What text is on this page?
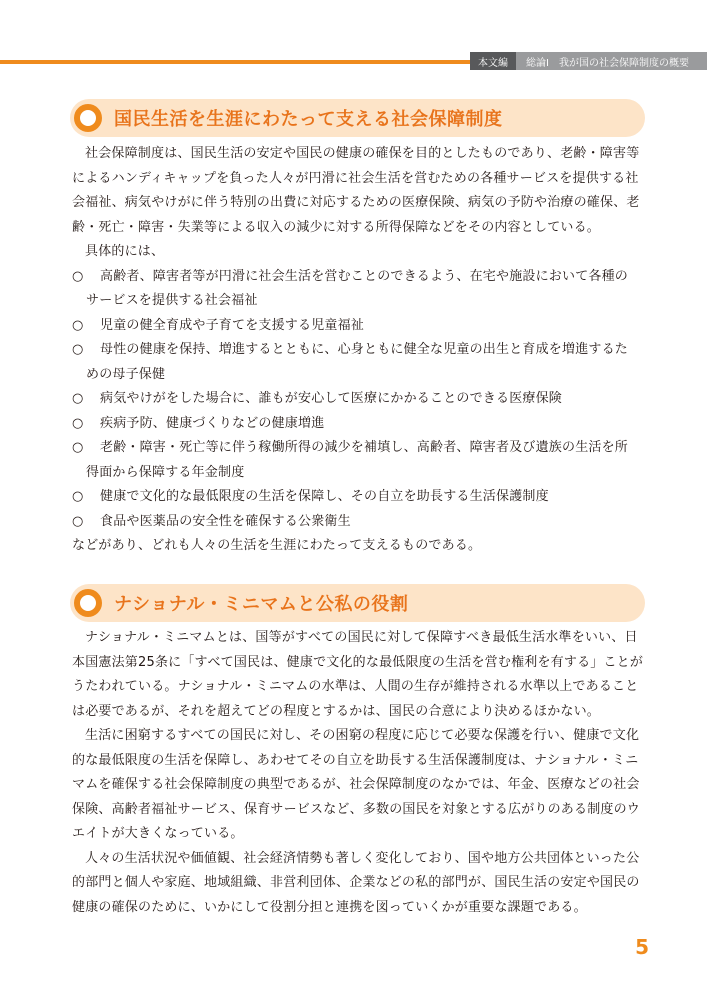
本文編	総論Ⅰ　我が国の社会保障制度の概要
国民生活を生涯にわたって支える社会保障制度

社会保障制度は、国民生活の安定や国民の健康の確保を目的としたものであり、老齢・障害等によるハンディキャップを負った人々が円滑に社会生活を営むための各種サービスを提供する社会福祉、病気やけがに伴う特別の出費に対応するための医療保険、病気の予防や治療の確保、老齢・死亡・障害・失業等による収入の減少に対する所得保障などをその内容としている。

具体的には、

○	高齢者、障害者等が円滑に社会生活を営むことのできるよう、在宅や施設において各種の
サービスを提供する社会福祉
○	児童の健全育成や子育てを支援する児童福祉
○	母性の健康を保持、増進するとともに、心身ともに健全な児童の出生と育成を増進するた
めの母子保健
○	病気やけがをした場合に、誰もが安心して医療にかかることのできる医療保険
○	疾病予防、健康づくりなどの健康増進
○	老齢・障害・死亡等に伴う稼働所得の減少を補填し、高齢者、障害者及び遺族の生活を所
得面から保障する年金制度
○	健康で文化的な最低限度の生活を保障し、その自立を助長する生活保護制度
○	食品や医薬品の安全性を確保する公衆衛生

などがあり、どれも人々の生活を生涯にわたって支えるものである。

ナショナル・ミニマムと公私の役割

ナショナル・ミニマムとは、国等がすべての国民に対して保障すべき最低生活水準をいい、日本国憲法第25条に「すべて国民は、健康で文化的な最低限度の生活を営む権利を有する」ことがうたわれている。ナショナル・ミニマムの水準は、人間の生存が維持される水準以上であることは必要であるが、それを超えてどの程度とするかは、国民の合意により決めるほかない。

生活に困窮するすべての国民に対し、その困窮の程度に応じて必要な保護を行い、健康で文化的な最低限度の生活を保障し、あわせてその自立を助長する生活保護制度は、ナショナル・ミニマムを確保する社会保障制度の典型であるが、社会保障制度のなかでは、年金、医療などの社会保険、高齢者福祉サービス、保育サービスなど、多数の国民を対象とする広がりのある制度のウエイトが大きくなっている。

人々の生活状況や価値観、社会経済情勢も著しく変化しており、国や地方公共団体といった公的部門と個人や家庭、地域組織、非営利団体、企業などの私的部門が、国民生活の安定や国民の健康の確保のために、いかにして役割分担と連携を図っていくかが重要な課題である。

5
